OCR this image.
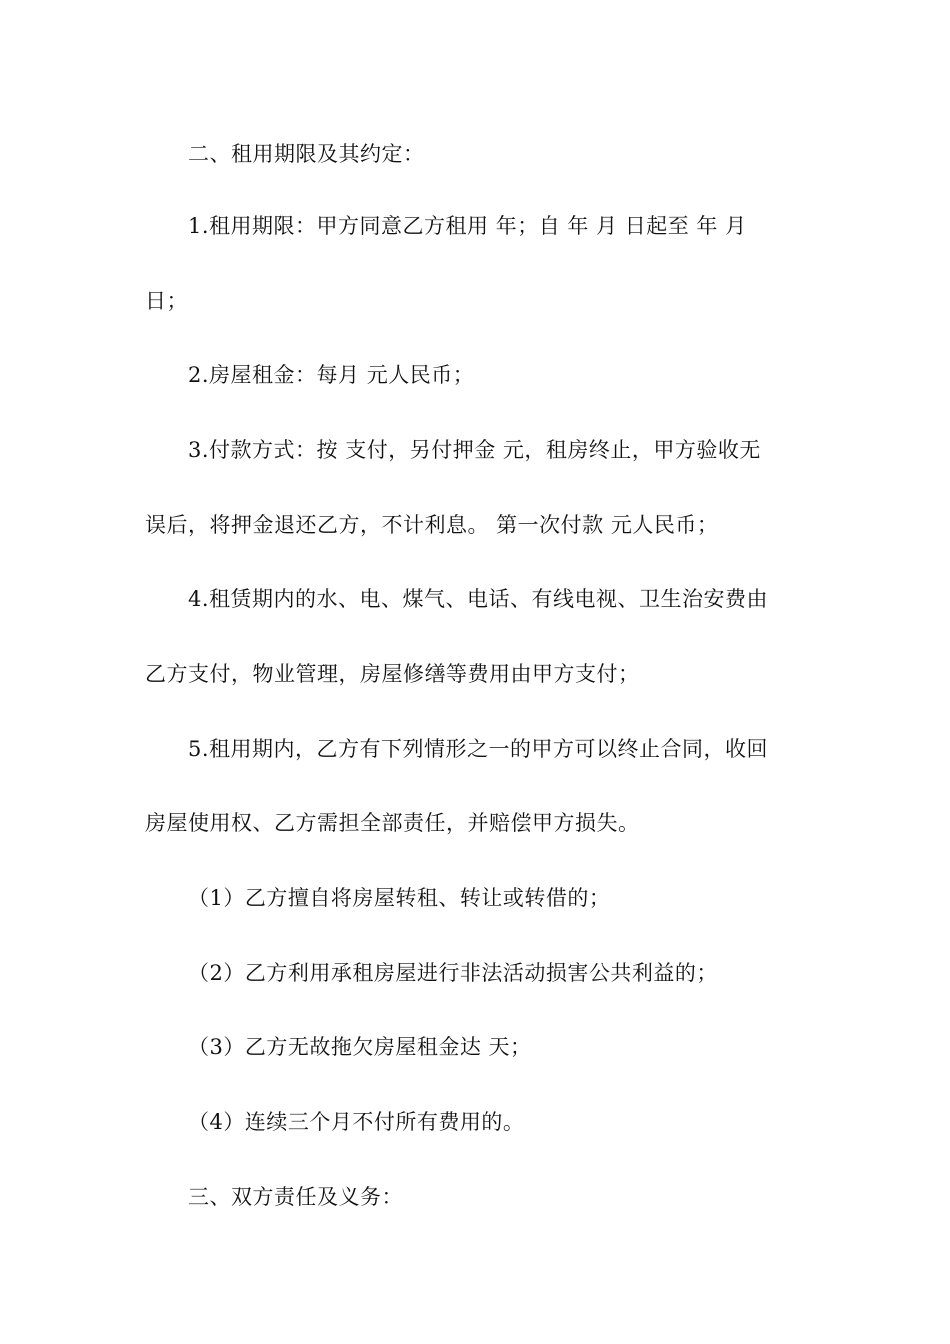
二、租用期限及其约定：
1.租用期限：甲方同意乙方租用 年；自 年 月 日起至 年 月
日；
2.房屋租金：每月 元人民币；
3.付款方式：按 支付，另付押金 元，租房终止，甲方验收无
误后，将押金退还乙方，不计利息。 第一次付款 元人民币；
4.租赁期内的水、电、煤气、电话、有线电视、卫生治安费由
乙方支付，物业管理，房屋修缮等费用由甲方支付；
5.租用期内，乙方有下列情形之一的甲方可以终止合同，收回
房屋使用权、乙方需担全部责任，并赔偿甲方损失。
（1）乙方擅自将房屋转租、转让或转借的；
（2）乙方利用承租房屋进行非法活动损害公共利益的；
（3）乙方无故拖欠房屋租金达 天；
（4）连续三个月不付所有费用的。
三、双方责任及义务：
